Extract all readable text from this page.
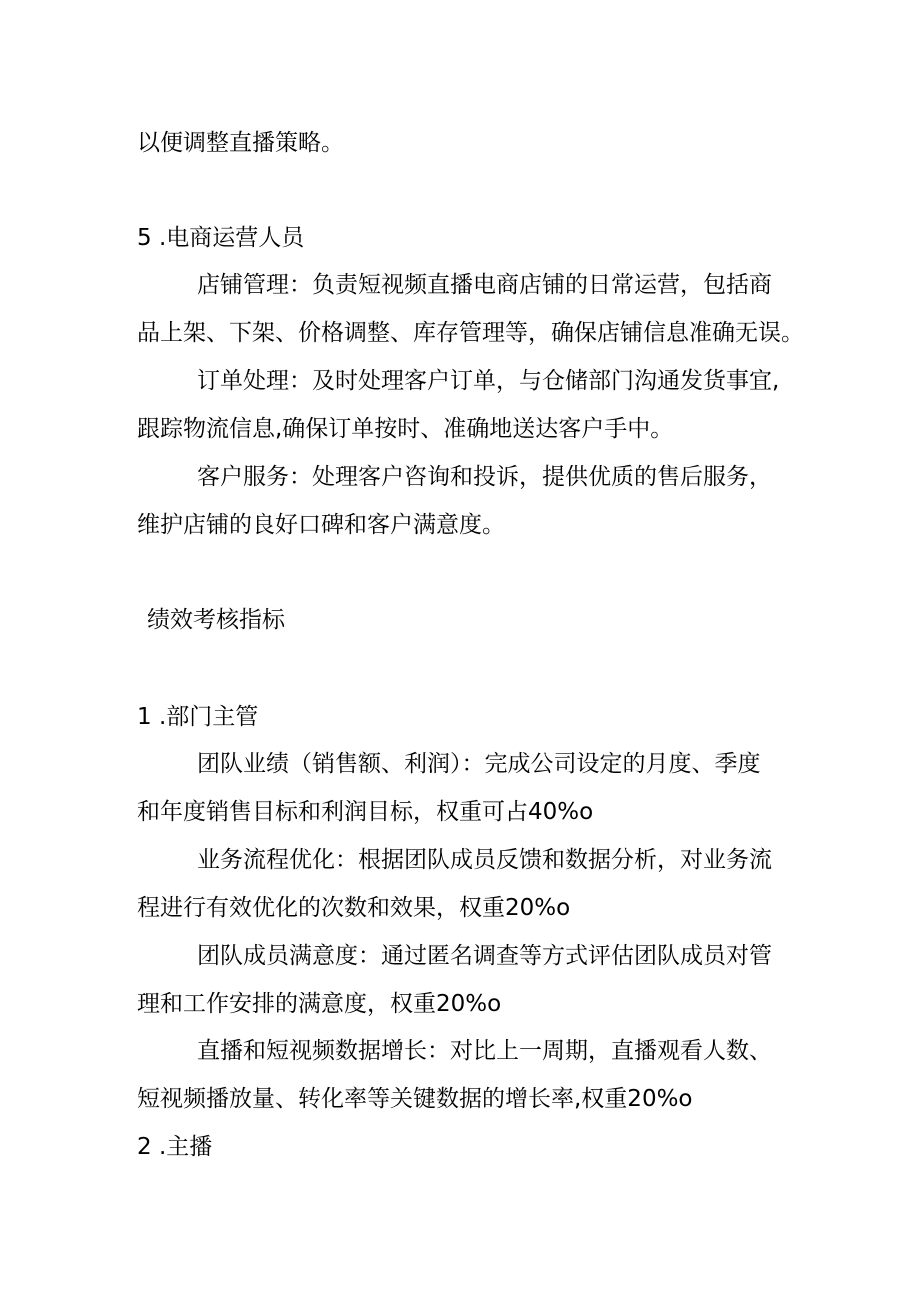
以便调整直播策略。
5 .电商运营人员
店铺管理：负责短视频直播电商店铺的日常运营，包括商
品上架、下架、价格调整、库存管理等，确保店铺信息准确无误。
订单处理：及时处理客户订单，与仓储部门沟通发货事宜,
跟踪物流信息,确保订单按时、准确地送达客户手中。
客户服务：处理客户咨询和投诉，提供优质的售后服务，
维护店铺的良好口碑和客户满意度。
绩效考核指标
1 .部门主管
团队业绩（销售额、利润）：完成公司设定的月度、季度
和年度销售目标和利润目标，权重可占40%o
业务流程优化：根据团队成员反馈和数据分析，对业务流
程进行有效优化的次数和效果，权重20%o
团队成员满意度：通过匿名调查等方式评估团队成员对管
理和工作安排的满意度，权重20%o
直播和短视频数据增长：对比上一周期，直播观看人数、
短视频播放量、转化率等关键数据的增长率,权重20%o
2 .主播
